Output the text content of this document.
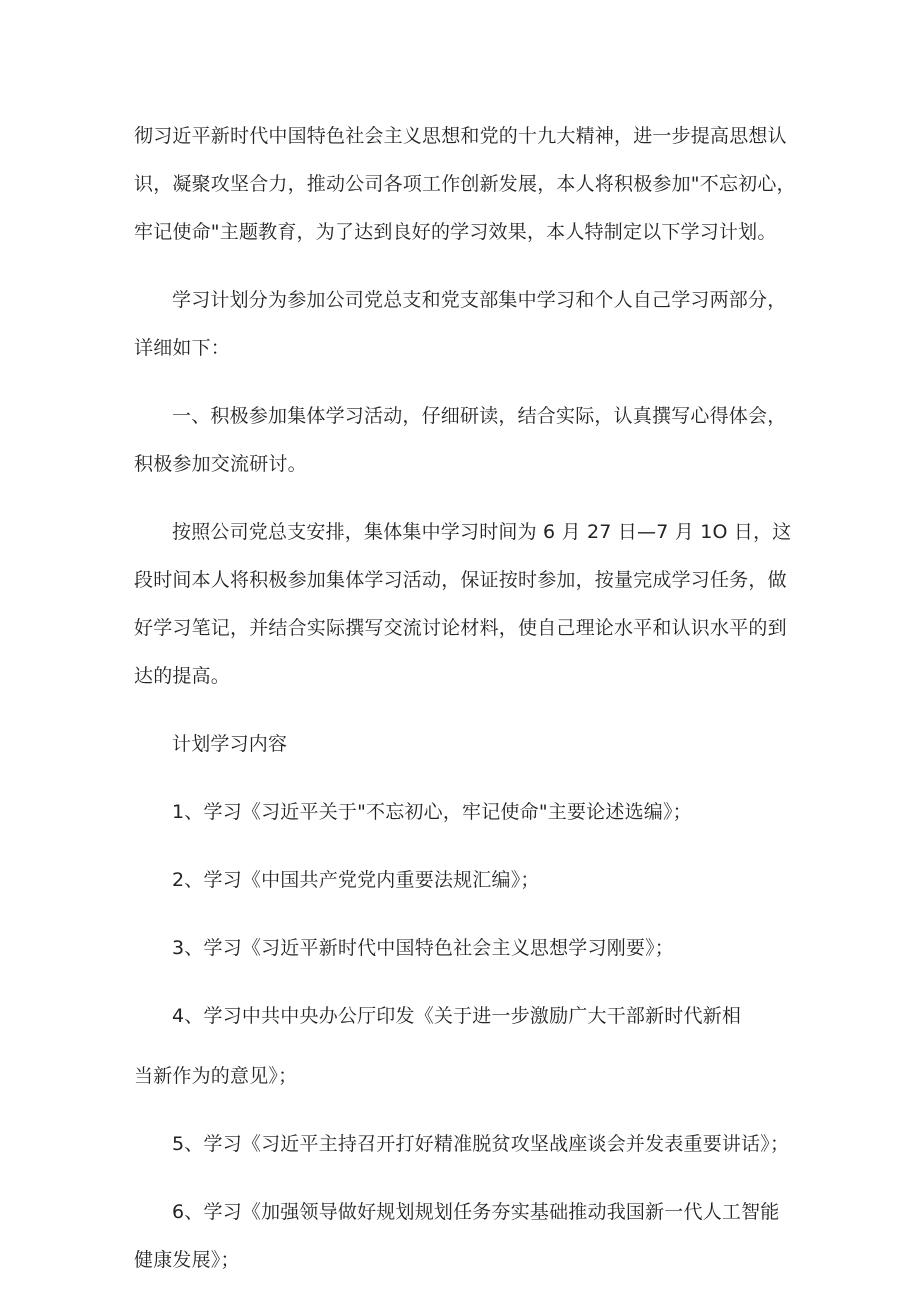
彻习近平新时代中国特色社会主义思想和党的十九大精神，进一步提高思想认识，凝聚攻坚合力，推动公司各项工作创新发展，本人将积极参加"不忘初心，牢记使命"主题教育，为了达到良好的学习效果，本人特制定以下学习计划。

学习计划分为参加公司党总支和党支部集中学习和个人自己学习两部分，详细如下：

一、积极参加集体学习活动，仔细研读，结合实际，认真撰写心得体会，积极参加交流研讨。

按照公司党总支安排，集体集中学习时间为 6 月 27 日—7 月 1O 日，这段时间本人将积极参加集体学习活动，保证按时参加，按量完成学习任务，做好学习笔记，并结合实际撰写交流讨论材料，使自己理论水平和认识水平的到达的提高。

计划学习内容

1、学习《习近平关于"不忘初心，牢记使命"主要论述选编》；

2、学习《中国共产党党内重要法规汇编》；

3、学习《习近平新时代中国特色社会主义思想学习刚要》；

4、学习中共中央办公厅印发《关于进一步激励广大干部新时代新相

当新作为的意见》；

5、学习《习近平主持召开打好精准脱贫攻坚战座谈会并发表重要讲话》；

6、学习《加强领导做好规划规划任务夯实基础推动我国新一代人工智能健康发展》；
